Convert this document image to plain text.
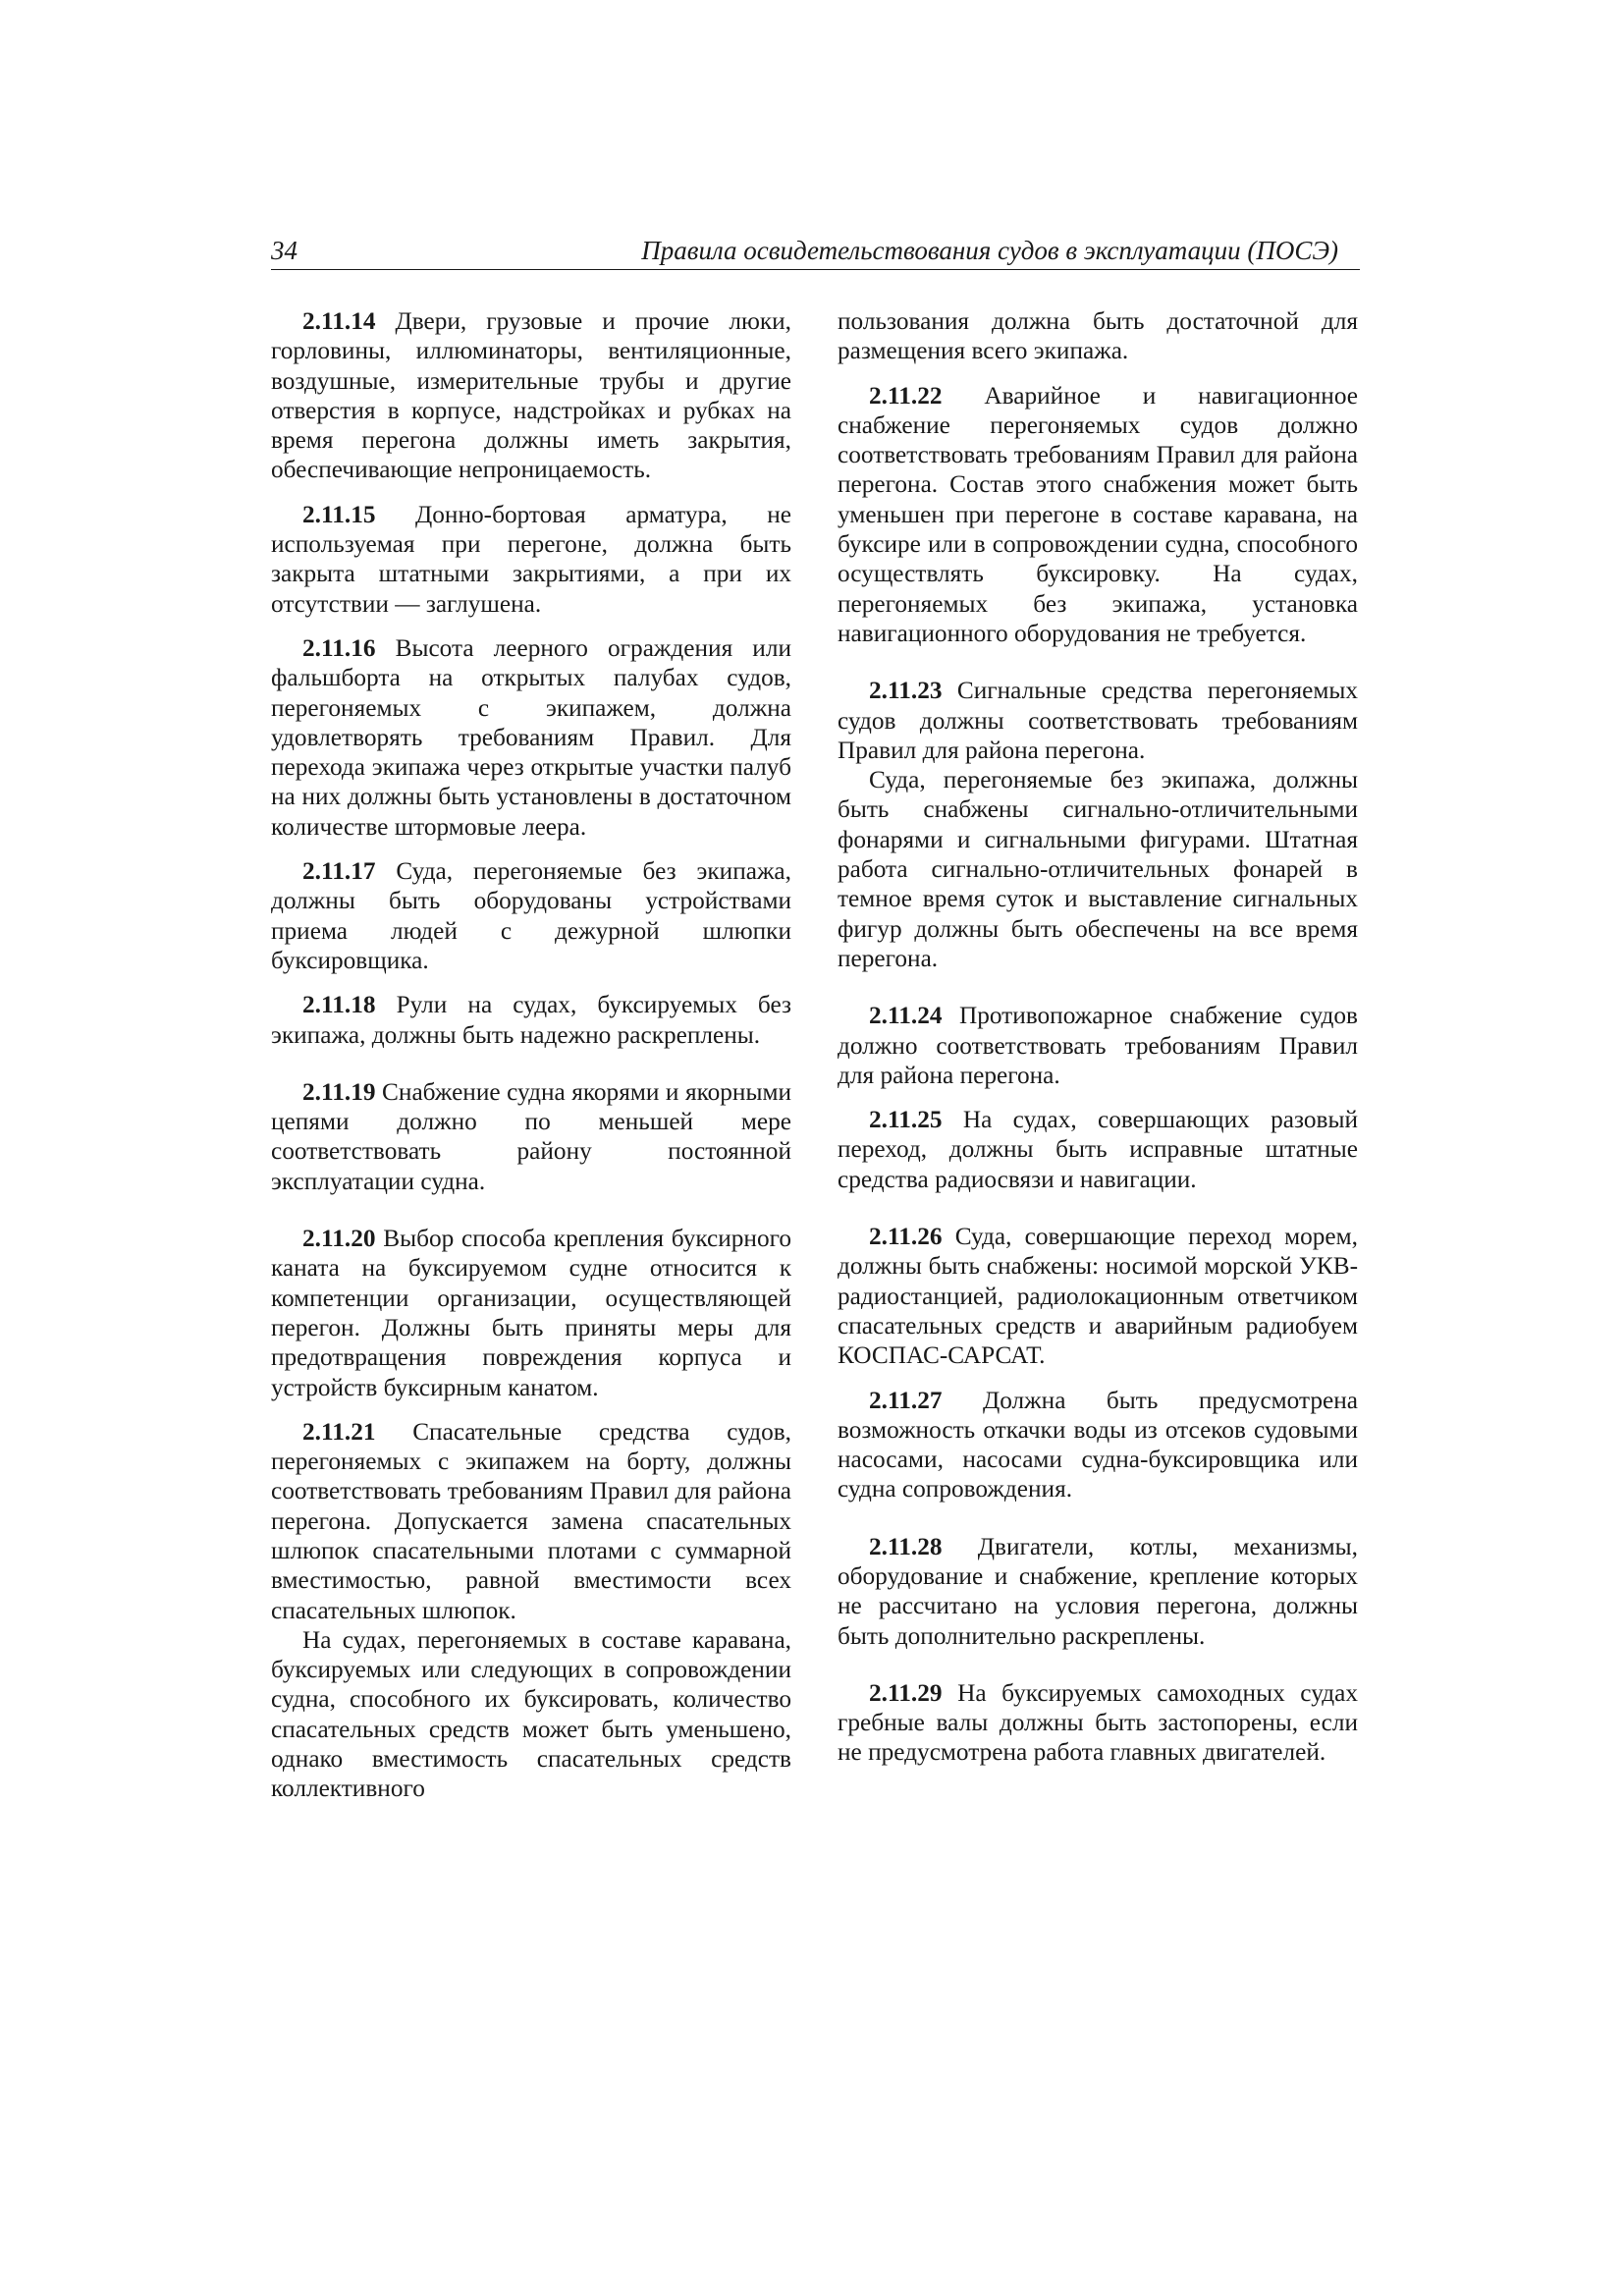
34	Правила освидетельствования судов в эксплуатации (ПОСЭ)

2.11.14 Двери, грузовые и прочие люки, горловины, иллюминаторы, вентиляционные, воздушные, измерительные трубы и другие отверстия в корпусе, надстройках и рубках на время перегона должны иметь закрытия, обеспечивающие непроницаемость.

2.11.15 Донно-бортовая арматура, не используемая при перегоне, должна быть закрыта штатными закрытиями, а при их отсутствии — заглушена.

2.11.16 Высота леерного ограждения или фальшборта на открытых палубах судов, перегоняемых с экипажем, должна удовлетворять требованиям Правил. Для перехода экипажа через открытые участки палуб на них должны быть установлены в достаточном количестве штормовые леера.

2.11.17 Суда, перегоняемые без экипажа, должны быть оборудованы устройствами приема людей с дежурной шлюпки буксировщика.

2.11.18 Рули на судах, буксируемых без экипажа, должны быть надежно раскреплены.

2.11.19 Снабжение судна якорями и якорными цепями должно по меньшей мере соответствовать району постоянной эксплуатации судна.

2.11.20 Выбор способа крепления буксирного каната на буксируемом судне относится к компетенции организации, осуществляющей перегон. Должны быть приняты меры для предотвращения повреждения корпуса и устройств буксирным канатом.

2.11.21 Спасательные средства судов, перегоняемых с экипажем на борту, должны соответствовать требованиям Правил для района перегона. Допускается замена спасательных шлюпок спасательными плотами с суммарной вместимостью, равной вместимости всех спасательных шлюпок.

На судах, перегоняемых в составе каравана, буксируемых или следующих в сопровождении судна, способного их буксировать, количество спасательных средств может быть уменьшено, однако вместимость спасательных средств коллективного

пользования должна быть достаточной для размещения всего экипажа.

2.11.22 Аварийное и навигационное снабжение перегоняемых судов должно соответствовать требованиям Правил для района перегона. Состав этого снабжения может быть уменьшен при перегоне в составе каравана, на буксире или в сопровождении судна, способного осуществлять буксировку. На судах, перегоняемых без экипажа, установка навигационного оборудования не требуется.

2.11.23 Сигнальные средства перегоняемых судов должны соответствовать требованиям Правил для района перегона.

Суда, перегоняемые без экипажа, должны быть снабжены сигнально-отличительными фонарями и сигнальными фигурами. Штатная работа сигнально-отличительных фонарей в темное время суток и выставление сигнальных фигур должны быть обеспечены на все время перегона.

2.11.24 Противопожарное снабжение судов должно соответствовать требованиям Правил для района перегона.

2.11.25 На судах, совершающих разовый переход, должны быть исправные штатные средства радиосвязи и навигации.

2.11.26 Суда, совершающие переход морем, должны быть снабжены: носимой морской УКВ-радиостанцией, радиолокационным ответчиком спасательных средств и аварийным радиобуем КОСПАС-САРСАТ.

2.11.27 Должна быть предусмотрена возможность откачки воды из отсеков судовыми насосами, насосами судна-буксировщика или судна сопровождения.

2.11.28 Двигатели, котлы, механизмы, оборудование и снабжение, крепление которых не рассчитано на условия перегона, должны быть дополнительно раскреплены.

2.11.29 На буксируемых самоходных судах гребные валы должны быть застопорены, если не предусмотрена работа главных двигателей.
